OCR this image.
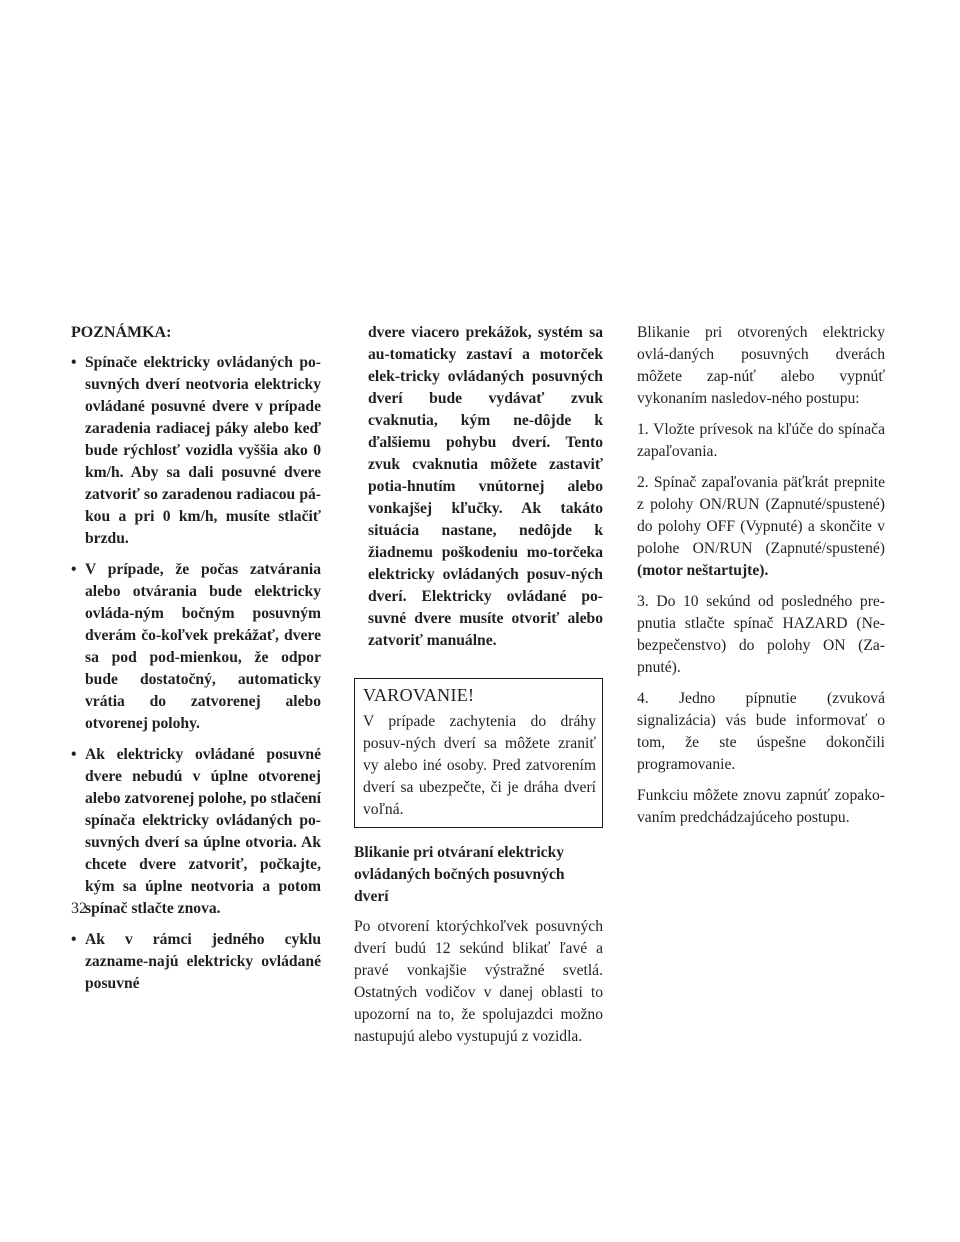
POZNÁMKA:

• Spínače elektricky ovládaných po-suvných dverí neotvoria elektricky ovládané posuvné dvere v prípade zaradenia radiacej páky alebo keď bude rýchlosť vozidla vyššia ako 0 km/h. Aby sa dali posuvné dvere zatvoriť so zaradenou radiacou pá-kou a pri 0 km/h, musíte stlačiť brzdu.

• V prípade, že počas zatvárania alebo otvárania bude elektricky ovláda-ným bočným posuvným dverám čo-koľvek prekážať, dvere sa pod pod-mienkou, že odpor bude dostatočný, automaticky vrátia do zatvorenej alebo otvorenej polohy.

• Ak elektricky ovládané posuvné dvere nebudú v úplne otvorenej alebo zatvorenej polohe, po stlačení spínača elektricky ovládaných po-suvných dverí sa úplne otvoria. Ak chcete dvere zatvoriť, počkajte, kým sa úplne neotvoria a potom spínač stlačte znova.

• Ak v rámci jedného cyklu zazname-najú elektricky ovládané posuvné

dvere viacero prekážok, systém sa au-tomaticky zastaví a motorček elek-tricky ovládaných posuvných dverí bude vydávať zvuk cvaknutia, kým ne-dôjde k ďalšiemu pohybu dverí. Tento zvuk cvaknutia môžete zastaviť potia-hnutím vnútornej alebo vonkajšej kľučky. Ak takáto situácia nastane, nedôjde k žiadnemu poškodeniu mo-torčeka elektricky ovládaných posuv-ných dverí. Elektricky ovládané po-suvné dvere musíte otvoriť alebo zatvoriť manuálne.

VAROVANIE!

V prípade zachytenia do dráhy posuv-ných dverí sa môžete zraniť vy alebo iné osoby. Pred zatvorením dverí sa ubezpečte, či je dráha dverí voľná.

Blikanie pri otváraní elektricky ovládaných bočných posuvných dverí

Po otvorení ktorýchkoľvek posuvných dverí budú 12 sekúnd blikať ľavé a pravé vonkajšie výstražné svetlá. Ostatných vodičov v danej oblasti to upozorní na to, že spolujazdci možno nastupujú alebo vystupujú z vozidla.

Blikanie pri otvorených elektricky ovlá-daných posuvných dverách môžete zap-núť alebo vypnúť vykonaním nasledov-ného postupu:

1. Vložte prívesok na kľúče do spínača zapaľovania.

2. Spínač zapaľovania päťkrát prepnite z polohy ON/RUN (Zapnuté/spustené) do polohy OFF (Vypnuté) a skončite v polohe ON/RUN (Zapnuté/spustené) (motor neštartujte).

3. Do 10 sekúnd od posledného pre-pnutia stlačte spínač HAZARD (Ne-bezpečenstvo) do polohy ON (Za-pnuté).

4. Jedno pípnutie (zvuková signalizácia) vás bude informovať o tom, že ste úspešne dokončili programovanie.

Funkciu môžete znovu zapnúť zopako-vaním predchádzajúceho postupu.

32
